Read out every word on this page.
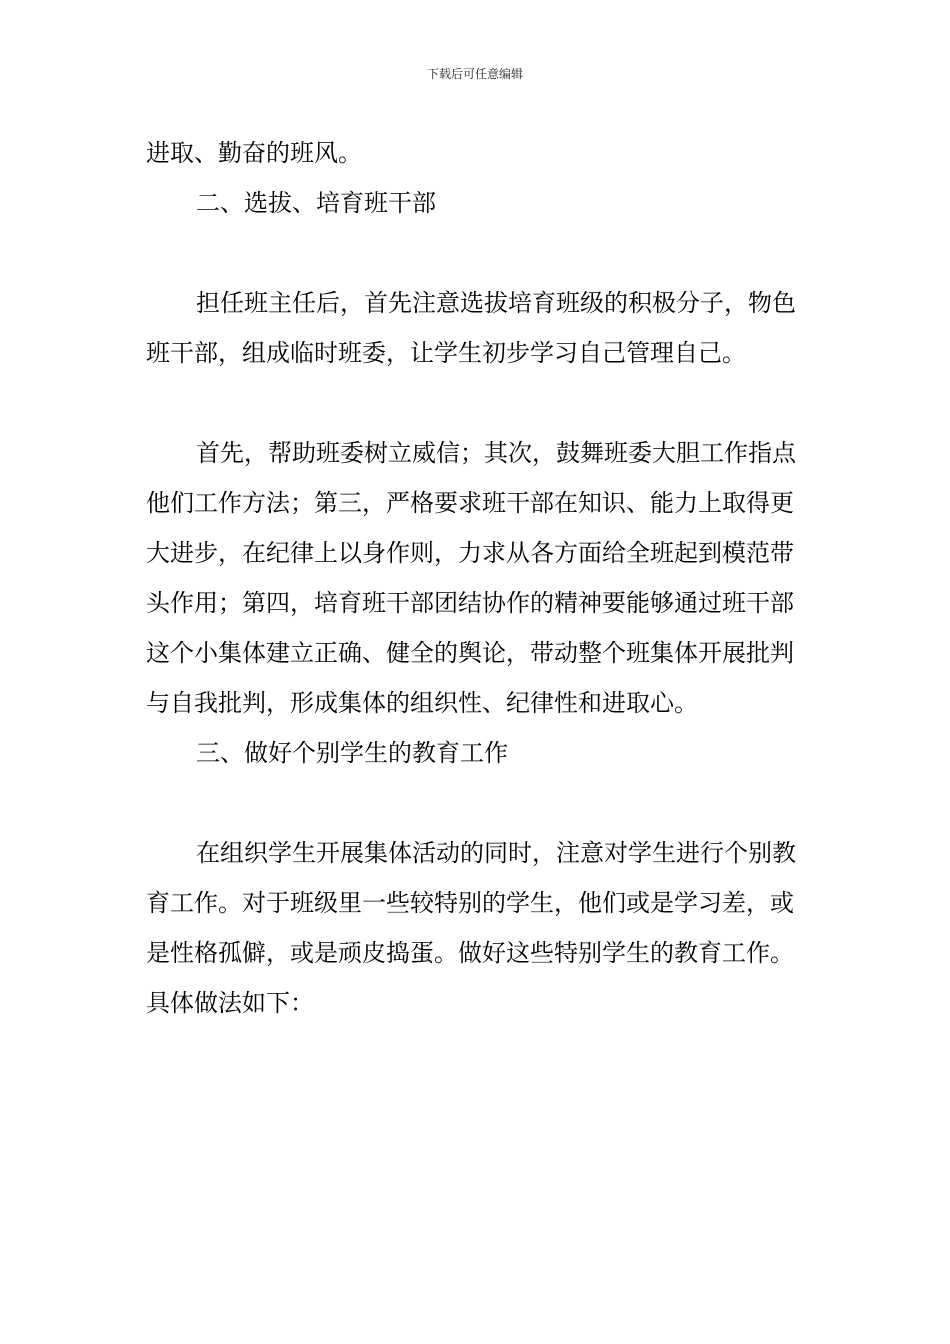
下载后可任意编辑

进取、勤奋的班风。

二、选拔、培育班干部

担任班主任后，首先注意选拔培育班级的积极分子，物色班干部，组成临时班委，让学生初步学习自己管理自己。

首先，帮助班委树立威信；其次，鼓舞班委大胆工作指点他们工作方法；第三，严格要求班干部在知识、能力上取得更大进步，在纪律上以身作则，力求从各方面给全班起到模范带头作用；第四，培育班干部团结协作的精神要能够通过班干部这个小集体建立正确、健全的舆论，带动整个班集体开展批判与自我批判，形成集体的组织性、纪律性和进取心。

三、做好个别学生的教育工作

在组织学生开展集体活动的同时，注意对学生进行个别教育工作。对于班级里一些较特别的学生，他们或是学习差，或是性格孤僻，或是顽皮捣蛋。做好这些特别学生的教育工作。具体做法如下：
